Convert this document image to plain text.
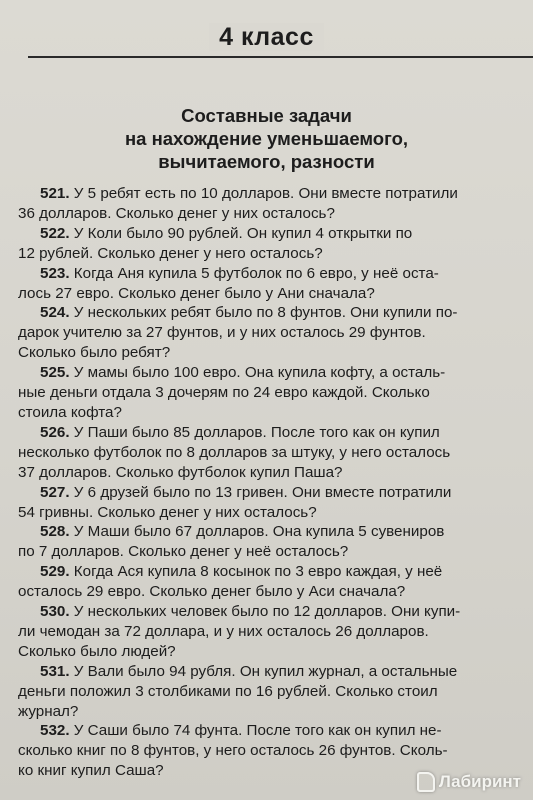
4 класс
Составные задачи
на нахождение уменьшаемого,
вычитаемого, разности
521. У 5 ребят есть по 10 долларов. Они вместе потратили
36 долларов. Сколько денег у них осталось?
522. У Коли было 90 рублей. Он купил 4 открытки по
12 рублей. Сколько денег у него осталось?
523. Когда Аня купила 5 футболок по 6 евро, у неё оста-
лось 27 евро. Сколько денег было у Ани сначала?
524. У нескольких ребят было по 8 фунтов. Они купили по-
дарок учителю за 27 фунтов, и у них осталось 29 фунтов.
Сколько было ребят?
525. У мамы было 100 евро. Она купила кофту, а осталь-
ные деньги отдала 3 дочерям по 24 евро каждой. Сколько
стоила кофта?
526. У Паши было 85 долларов. После того как он купил
несколько футболок по 8 долларов за штуку, у него осталось
37 долларов. Сколько футболок купил Паша?
527. У 6 друзей было по 13 гривен. Они вместе потратили
54 гривны. Сколько денег у них осталось?
528. У Маши было 67 долларов. Она купила 5 сувениров
по 7 долларов. Сколько денег у неё осталось?
529. Когда Ася купила 8 косынок по 3 евро каждая, у неё
осталось 29 евро. Сколько денег было у Аси сначала?
530. У нескольких человек было по 12 долларов. Они купи-
ли чемодан за 72 доллара, и у них осталось 26 долларов.
Сколько было людей?
531. У Вали было 94 рубля. Он купил журнал, а остальные
деньги положил 3 столбиками по 16 рублей. Сколько стоил
журнал?
532. У Саши было 74 фунта. После того как он купил не-
сколько книг по 8 фунтов, у него осталось 26 фунтов. Сколь-
ко книг купил Саша?
Лабиринт
